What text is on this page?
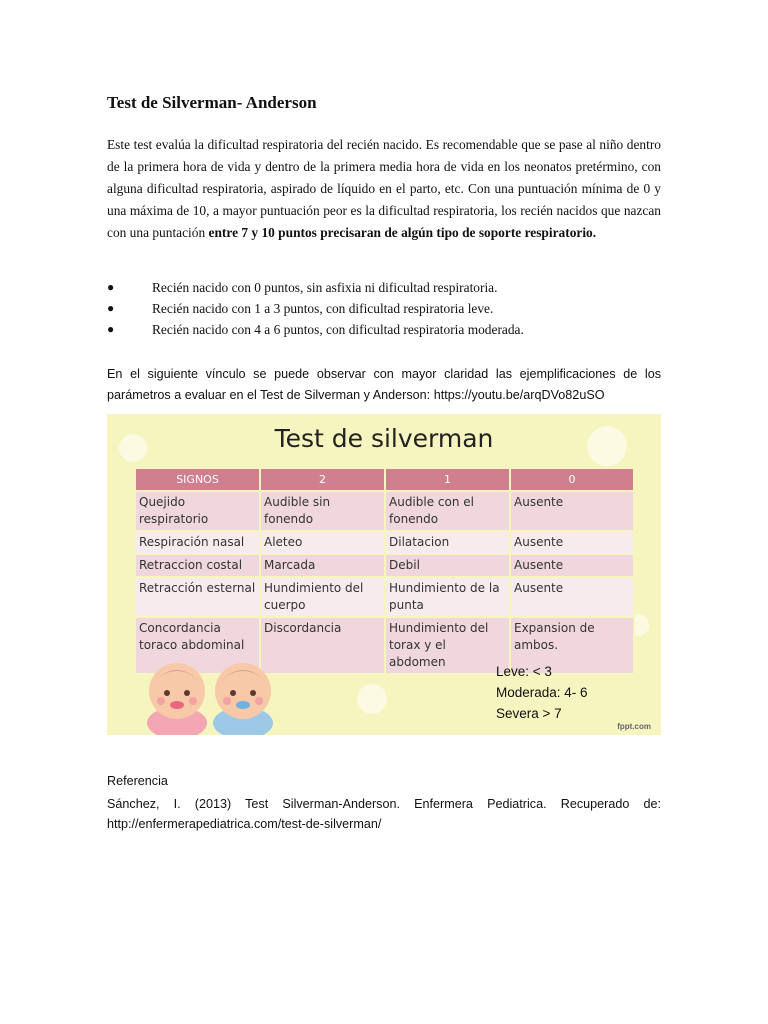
Test de Silverman- Anderson

Este test evalúa la dificultad respiratoria del recién nacido. Es recomendable que se pase al niño dentro de la primera hora de vida y dentro de la primera media hora de vida en los neonatos pretérmino, con alguna dificultad respiratoria, aspirado de líquido en el parto, etc. Con una puntuación mínima de 0 y una máxima de 10, a mayor puntuación peor es la dificultad respiratoria, los recién nacidos que nazcan con una puntación entre 7 y 10 puntos precisaran de algún tipo de soporte respiratorio.

●	Recién nacido con 0 puntos, sin asfixia ni dificultad respiratoria.
●	Recién nacido con 1 a 3 puntos, con dificultad respiratoria leve.
●	Recién nacido con 4 a 6 puntos, con dificultad respiratoria moderada.

En el siguiente vínculo se puede observar con mayor claridad las ejemplificaciones de los parámetros a evaluar en el Test de Silverman y Anderson: https://youtu.be/arqDVo82uSO

Test de silverman
SIGNOS	2	1	0
Quejido respiratorio	Audible sin fonendo	Audible con el fonendo	Ausente
Respiración nasal	Aleteo	Dilatacion	Ausente
Retraccion costal	Marcada	Debil	Ausente
Retracción esternal	Hundimiento del cuerpo	Hundimiento de la punta	Ausente
Concordancia toraco abdominal	Discordancia	Hundimiento del torax y el abdomen	Expansion de ambos.
Leve: < 3
Moderada: 4- 6
Severa > 7
fppt.com

Referencia

Sánchez, I. (2013) Test Silverman-Anderson. Enfermera Pediatrica. Recuperado de: http://enfermerapediatrica.com/test-de-silverman/
